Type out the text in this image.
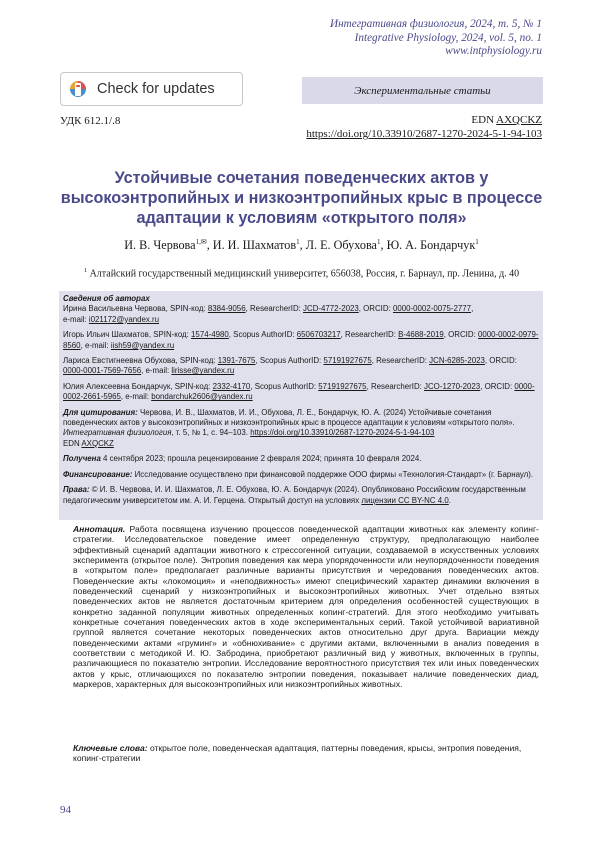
Интегративная физиология, 2024, т. 5, № 1
Integrative Physiology, 2024, vol. 5, no. 1
www.intphysiology.ru
Check for updates	Экспериментальные статьи
УДК 612.1/.8	EDN AXQCKZ
https://doi.org/10.33910/2687-1270-2024-5-1-94-103
Устойчивые сочетания поведенческих актов у высокоэнтропийных и низкоэнтропийных крыс в процессе адаптации к условиям «открытого поля»
И. В. Червова$^{1,✉}$, И. И. Шахматов$^1$, Л. Е. Обухова$^1$, Ю. А. Бондарчук$^1$
$^1$ Алтайский государственный медицинский университет, 656038, Россия, г. Барнаул, пр. Ленина, д. 40

Сведения об авторах

Ирина Васильевна Червова, SPIN-код: 8384-9056, ResearcherID: JCD-4772-2023, ORCID: 0000-0002-0075-2777,
e-mail: i021172@yandex.ru

Игорь Ильич Шахматов, SPIN-код: 1574-4980, Scopus AuthorID: 6506703217, ResearcherID: B-4688-2019, ORCID: 0000-0002-0979-8560, e-mail: iish59@yandex.ru

Лариса Евстигнеевна Обухова, SPIN-код: 1391-7675, Scopus AuthorID: 57191927675, ResearcherID: JCN-6285-2023, ORCID: 0000-0001-7569-7656, e-mail: lirisse@yandex.ru

Юлия Алексеевна Бондарчук, SPIN-код: 2332-4170, Scopus AuthorID: 57191927675, ResearcherID: JCO-1270-2023, ORCID: 0000-0002-2661-5965, e-mail: bondarchuk2606@yandex.ru

Для цитирования: Червова, И. В., Шахматов, И. И., Обухова, Л. Е., Бондарчук, Ю. А. (2024) Устойчивые сочетания поведенческих актов у высокоэнтропийных и низкоэнтропийных крыс в процессе адаптации к условиям «открытого поля». Интегративная физиология, т. 5, № 1, с. 94–103. https://doi.org/10.33910/2687-1270-2024-5-1-94-103
EDN AXQCKZ

Получена 4 сентября 2023; прошла рецензирование 2 февраля 2024; принята 10 февраля 2024.

Финансирование: Исследование осуществлено при финансовой поддержке ООО фирмы «Технология-Стандарт» (г. Барнаул).

Права: © И. В. Червова, И. И. Шахматов, Л. Е. Обухова, Ю. А. Бондарчук (2024). Опубликовано Российским государственным педагогическим университетом им. А. И. Герцена. Открытый доступ на условиях лицензии CC BY-NC 4.0.

Аннотация. Работа посвящена изучению процессов поведенческой адаптации животных как элементу копинг-стратегии. Исследовательское поведение имеет определенную структуру, предполагающую наиболее эффективный сценарий адаптации животного к стрессогенной ситуации, создаваемой в искусственных условиях эксперимента (открытое поле). Энтропия поведения как мера упорядоченности или неупорядоченности поведения в «открытом поле» предполагает различные варианты присутствия и чередования поведенческих актов. Поведенческие акты «локомоция» и «неподвижность» имеют специфический характер динамики включения в поведенческий сценарий у низкоэнтропийных и высокоэнтропийных животных. Учет отдельно взятых поведенческих актов не является достаточным критерием для определения особенностей существующих в конкретно заданной популяции животных определенных копинг-стратегий. Для этого необходимо учитывать конкретные сочетания поведенческих актов в ходе экспериментальных серий. Такой устойчивой вариативной группой является сочетание некоторых поведенческих актов относительно друг друга. Вариации между поведенческими актами «груминг» и «обнюхивание» с другими актами, включенными в анализ поведения в соответствии с методикой И. Ю. Забродина, приобретают различный вид у животных, включенных в группы, различающиеся по показателю энтропии. Исследование вероятностного присутствия тех или иных поведенческих актов у крыс, отличающихся по показателю энтропии поведения, показывает наличие поведенческих диад, маркеров, характерных для высокоэнтропийных или низкоэнтропийных животных.
Ключевые слова: открытое поле, поведенческая адаптация, паттерны поведения, крысы, энтропия поведения, копинг-стратегии
94
